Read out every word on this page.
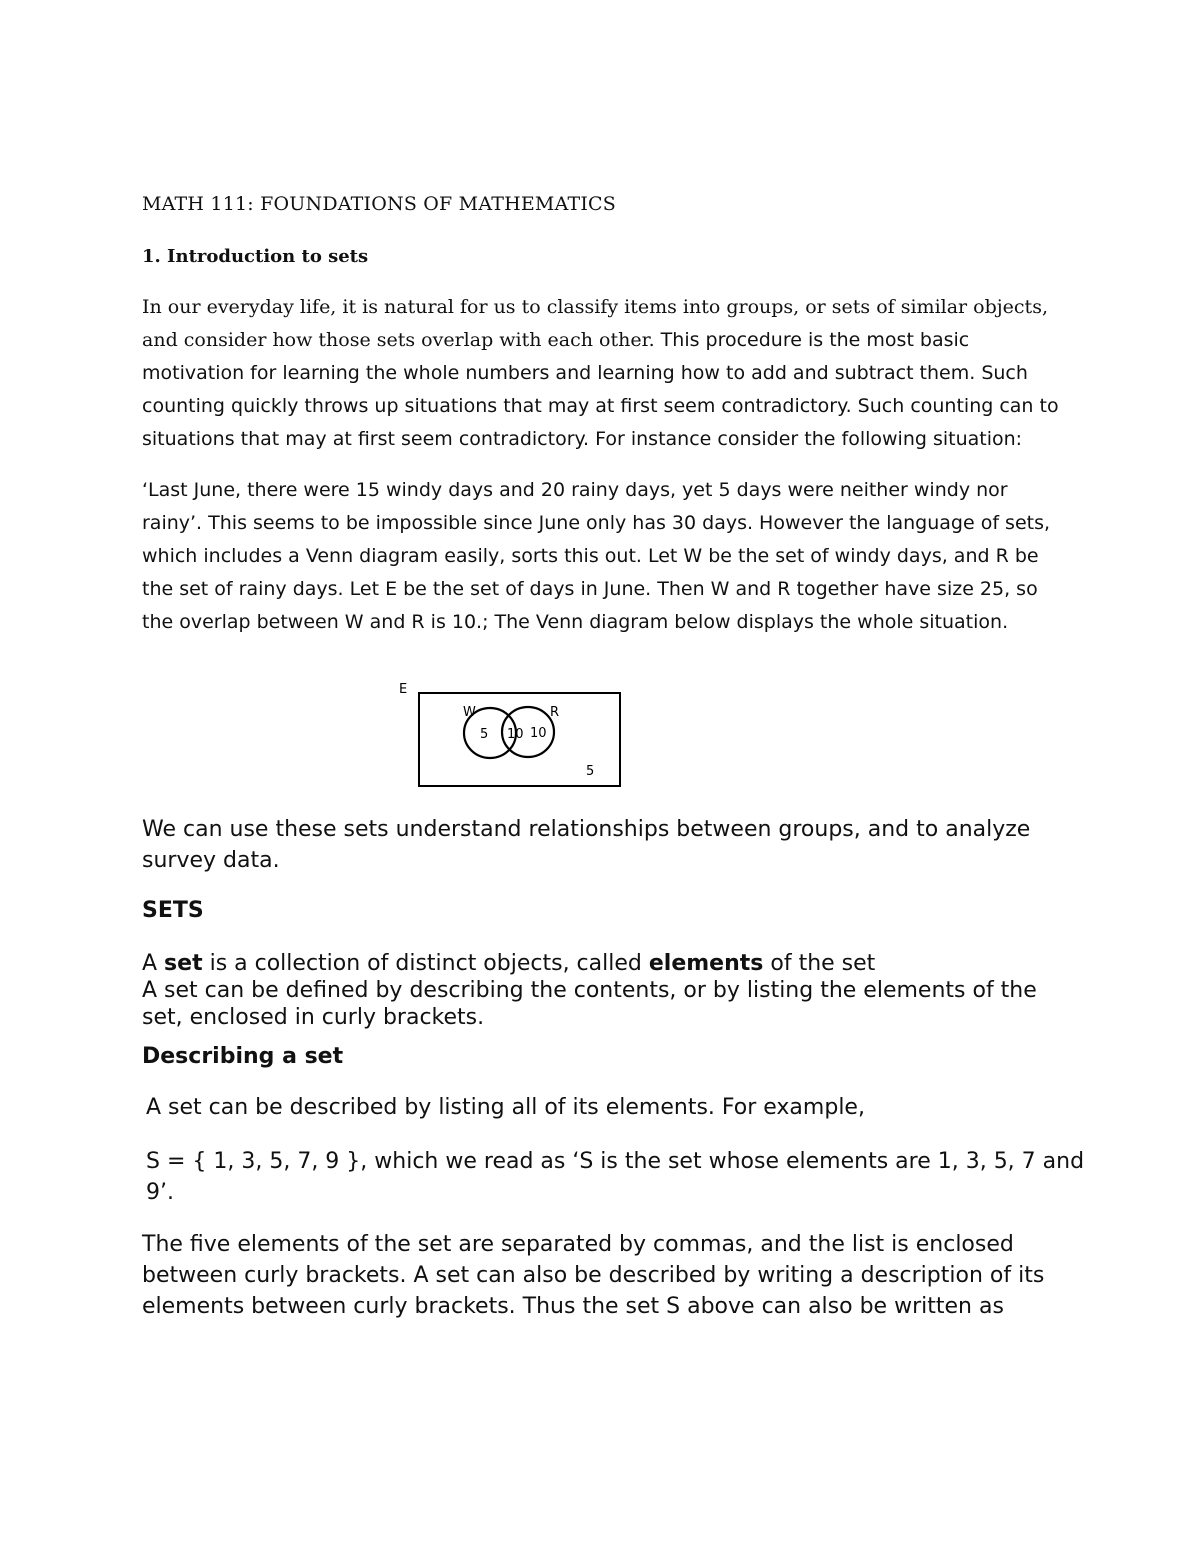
MATH 111: FOUNDATIONS OF MATHEMATICS
1. Introduction to sets

In our everyday life, it is natural for us to classify items into groups, or sets of similar objects, and consider how those sets overlap with each other. This procedure is the most basic motivation for learning the whole numbers and learning how to add and subtract them. Such counting quickly throws up situations that may at first seem contradictory. Such counting can to situations that may at first seem contradictory. For instance consider the following situation:

‘Last June, there were 15 windy days and 20 rainy days, yet 5 days were neither windy nor rainy’. This seems to be impossible since June only has 30 days. However the language of sets, which includes a Venn diagram easily, sorts this out. Let W be the set of windy days, and R be the set of rainy days. Let E be the set of days in June. Then W and R together have size 25, so the overlap between W and R is 10.; The Venn diagram below displays the whole situation.

E
W	R
5 10 10
5

We can use these sets understand relationships between groups, and to analyze survey data.

SETS

A set is a collection of distinct objects, called elements of the set
A set can be defined by describing the contents, or by listing the elements of the set, enclosed in curly brackets.

Describing a set

A set can be described by listing all of its elements. For example,

S = { 1, 3, 5, 7, 9 }, which we read as ‘S is the set whose elements are 1, 3, 5, 7 and 9’.

The five elements of the set are separated by commas, and the list is enclosed between curly brackets. A set can also be described by writing a description of its elements between curly brackets. Thus the set S above can also be written as
